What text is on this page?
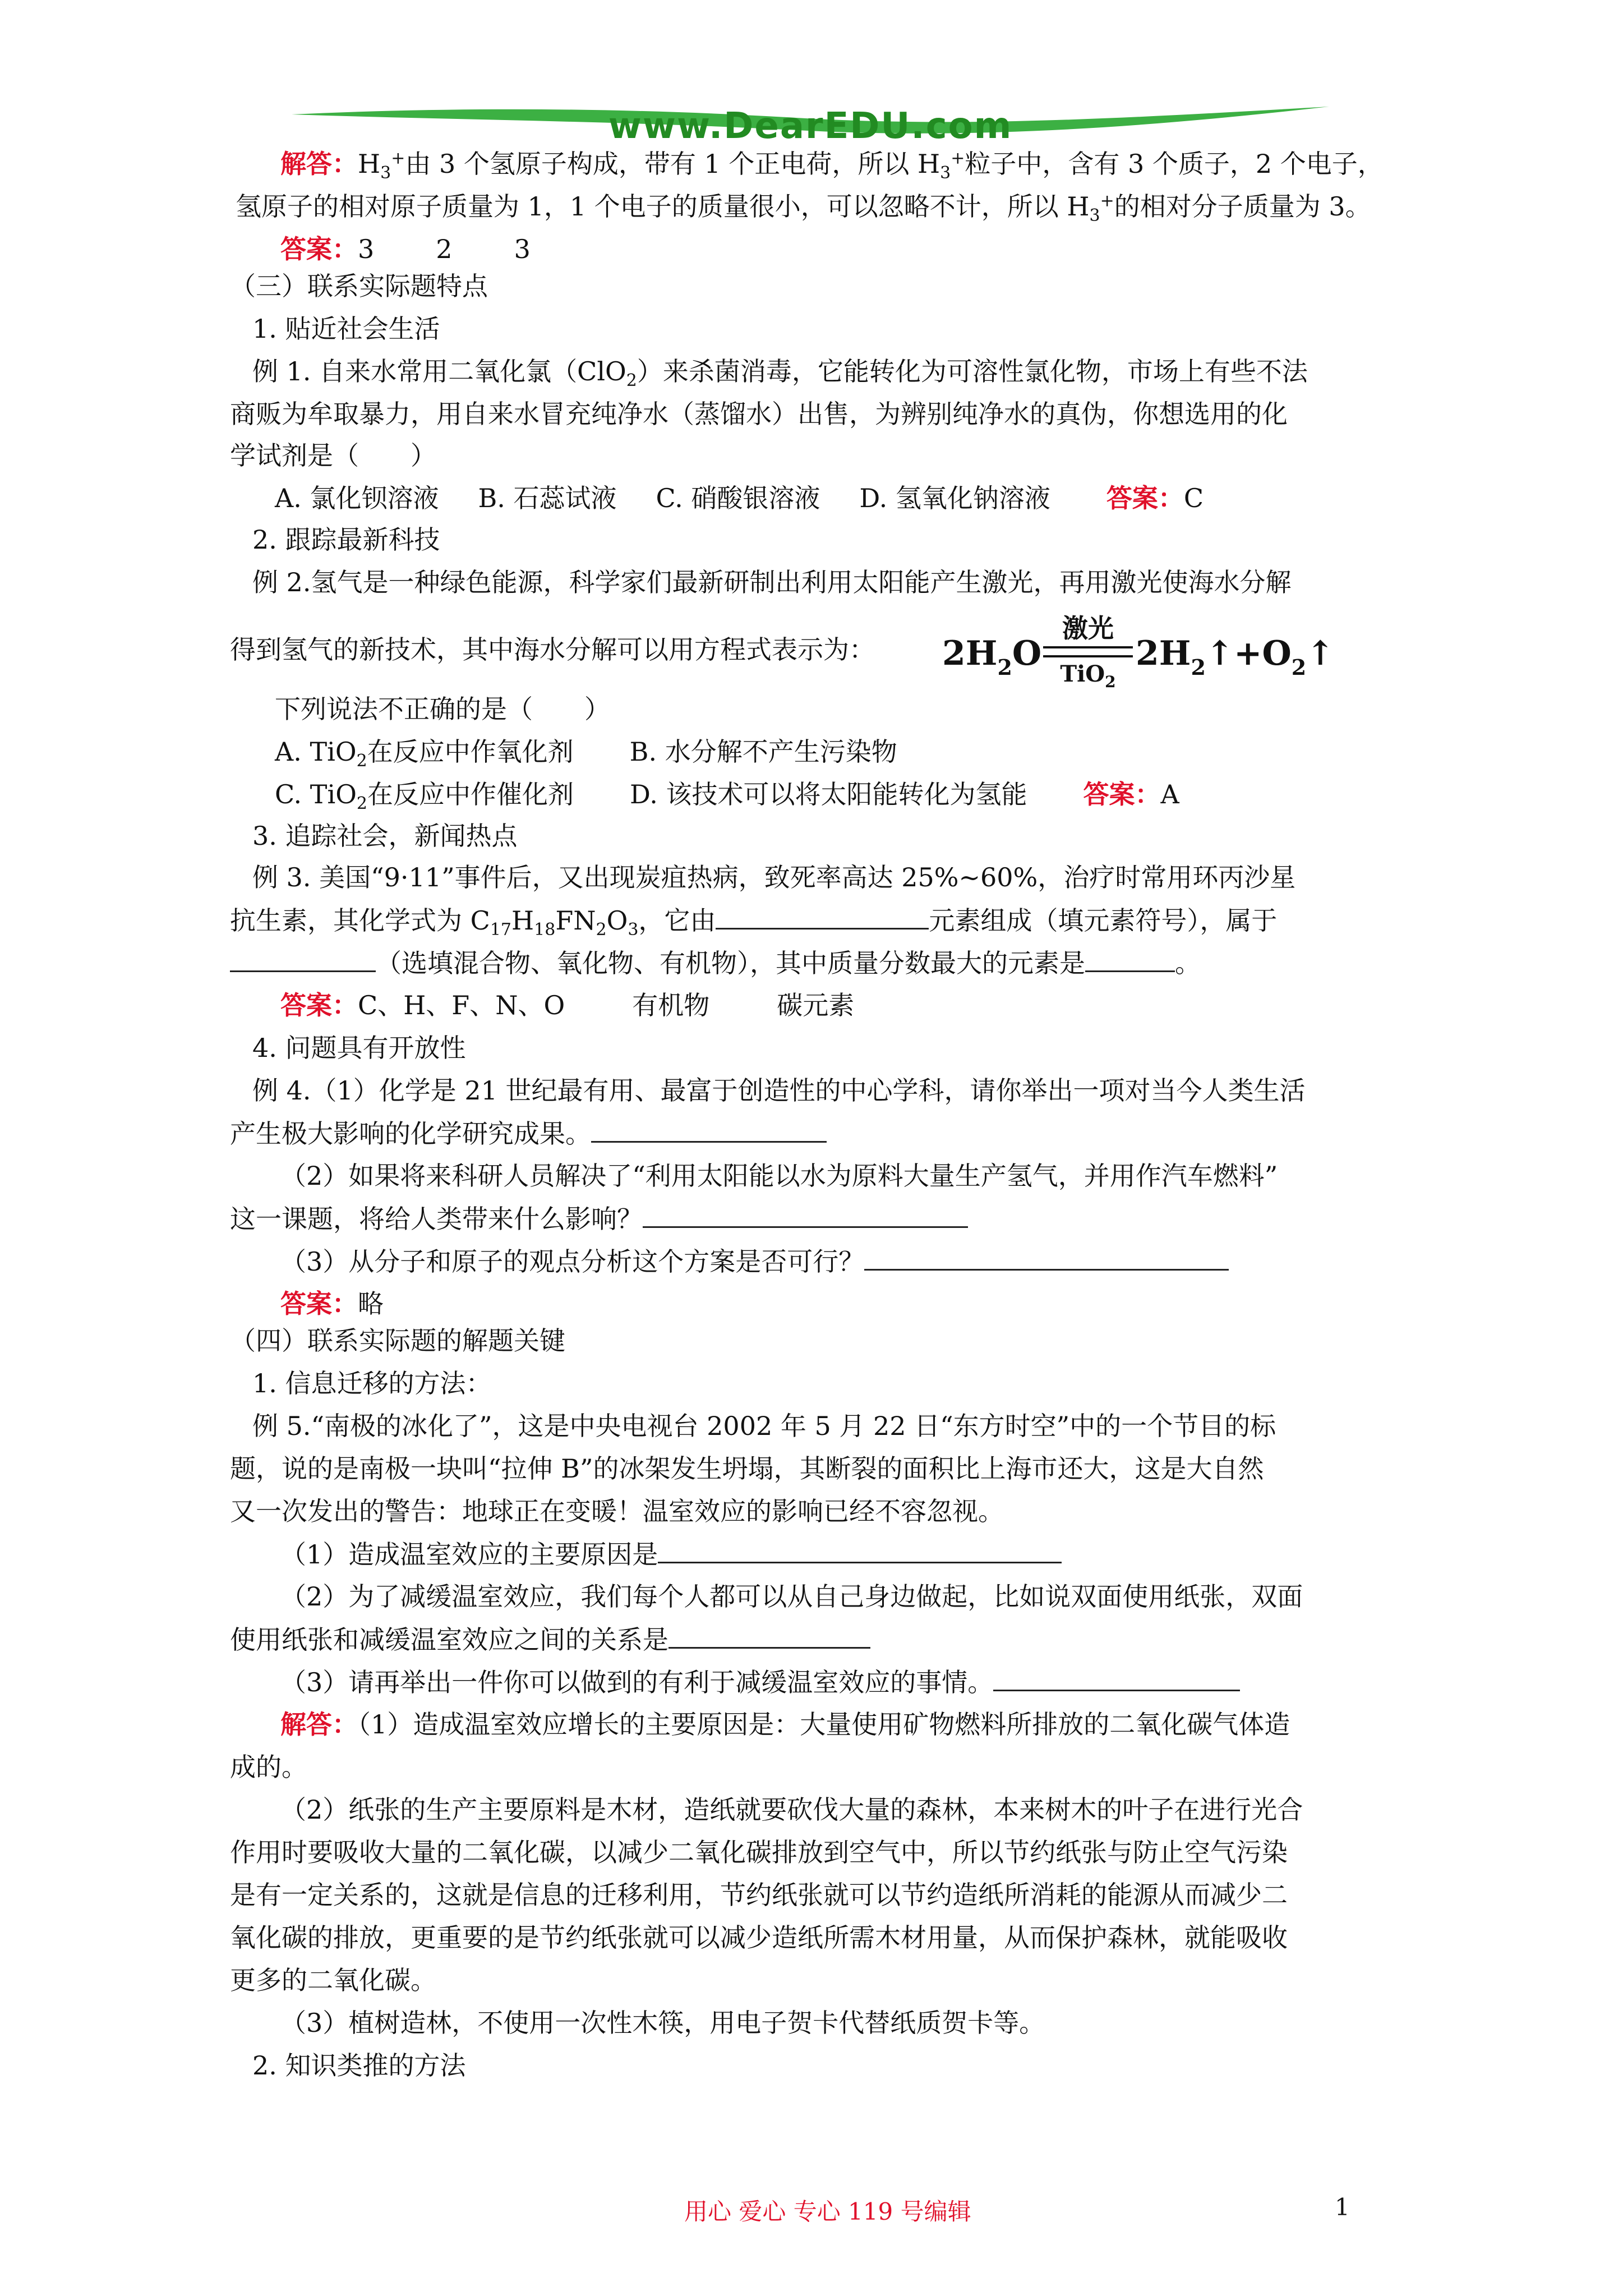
www.DearEDU.com
解答：$H_3^+$由 3 个氢原子构成，带有 1 个正电荷，所以 $H_3^+$粒子中，含有 3 个质子，2 个电子，
氢原子的相对原子质量为 1，1 个电子的质量很小，可以忽略不计，所以 $H_3^+$的相对分子质量为 3。
答案：3 2 3
（三）联系实际题特点
1. 贴近社会生活
例 1. 自来水常用二氧化氯（ClO$_2$）来杀菌消毒，它能转化为可溶性氯化物，市场上有些不法
商贩为牟取暴力，用自来水冒充纯净水（蒸馏水）出售，为辨别纯净水的真伪，你想选用的化
学试剂是（　　）
A. 氯化钡溶液 B. 石蕊试液 C. 硝酸银溶液 D. 氢氧化钠溶液 答案：C
2. 跟踪最新科技
例 2.氢气是一种绿色能源，科学家们最新研制出利用太阳能产生激光，再用激光使海水分解
得到氢气的新技术，其中海水分解可以用方程式表示为： $2H_2O$
激光
TiO$_2$
$2H_2↑+O_2↑$
下列说法不正确的是（　　）
A. TiO$_2$在反应中作氧化剂 B. 水分解不产生污染物
C. TiO$_2$在反应中作催化剂 D. 该技术可以将太阳能转化为氢能 答案：A
3. 追踪社会，新闻热点
例 3. 美国“9·11”事件后，又出现炭疽热病，致死率高达 25%~60%，治疗时常用环丙沙星
抗生素，其化学式为 $C_{17}H_{18}FN_2O_3$，它由	元素组成（填元素符号），属于
（选填混合物、氧化物、有机物），其中质量分数最大的元素是	。
答案：C、H、F、N、O	有机物	碳元素
4. 问题具有开放性
例 4.（1）化学是 21 世纪最有用、最富于创造性的中心学科，请你举出一项对当今人类生活
产生极大影响的化学研究成果。
（2）如果将来科研人员解决了“利用太阳能以水为原料大量生产氢气，并用作汽车燃料”
这一课题，将给人类带来什么影响？
（3）从分子和原子的观点分析这个方案是否可行？
答案：略
（四）联系实际题的解题关键
1. 信息迁移的方法：
例 5.“南极的冰化了”，这是中央电视台 2002 年 5 月 22 日“东方时空”中的一个节目的标
题，说的是南极一块叫“拉伸 B”的冰架发生坍塌，其断裂的面积比上海市还大，这是大自然
又一次发出的警告：地球正在变暖！温室效应的影响已经不容忽视。
（1）造成温室效应的主要原因是
（2）为了减缓温室效应，我们每个人都可以从自己身边做起，比如说双面使用纸张，双面
使用纸张和减缓温室效应之间的关系是
（3）请再举出一件你可以做到的有利于减缓温室效应的事情。
解答：（1）造成温室效应增长的主要原因是：大量使用矿物燃料所排放的二氧化碳气体造
成的。
（2）纸张的生产主要原料是木材，造纸就要砍伐大量的森林，本来树木的叶子在进行光合
作用时要吸收大量的二氧化碳，以减少二氧化碳排放到空气中，所以节约纸张与防止空气污染
是有一定关系的，这就是信息的迁移利用，节约纸张就可以节约造纸所消耗的能源从而减少二
氧化碳的排放，更重要的是节约纸张就可以减少造纸所需木材用量，从而保护森林，就能吸收
更多的二氧化碳。
（3）植树造林，不使用一次性木筷，用电子贺卡代替纸质贺卡等。
2. 知识类推的方法
用心 爱心 专心 119 号编辑	1
